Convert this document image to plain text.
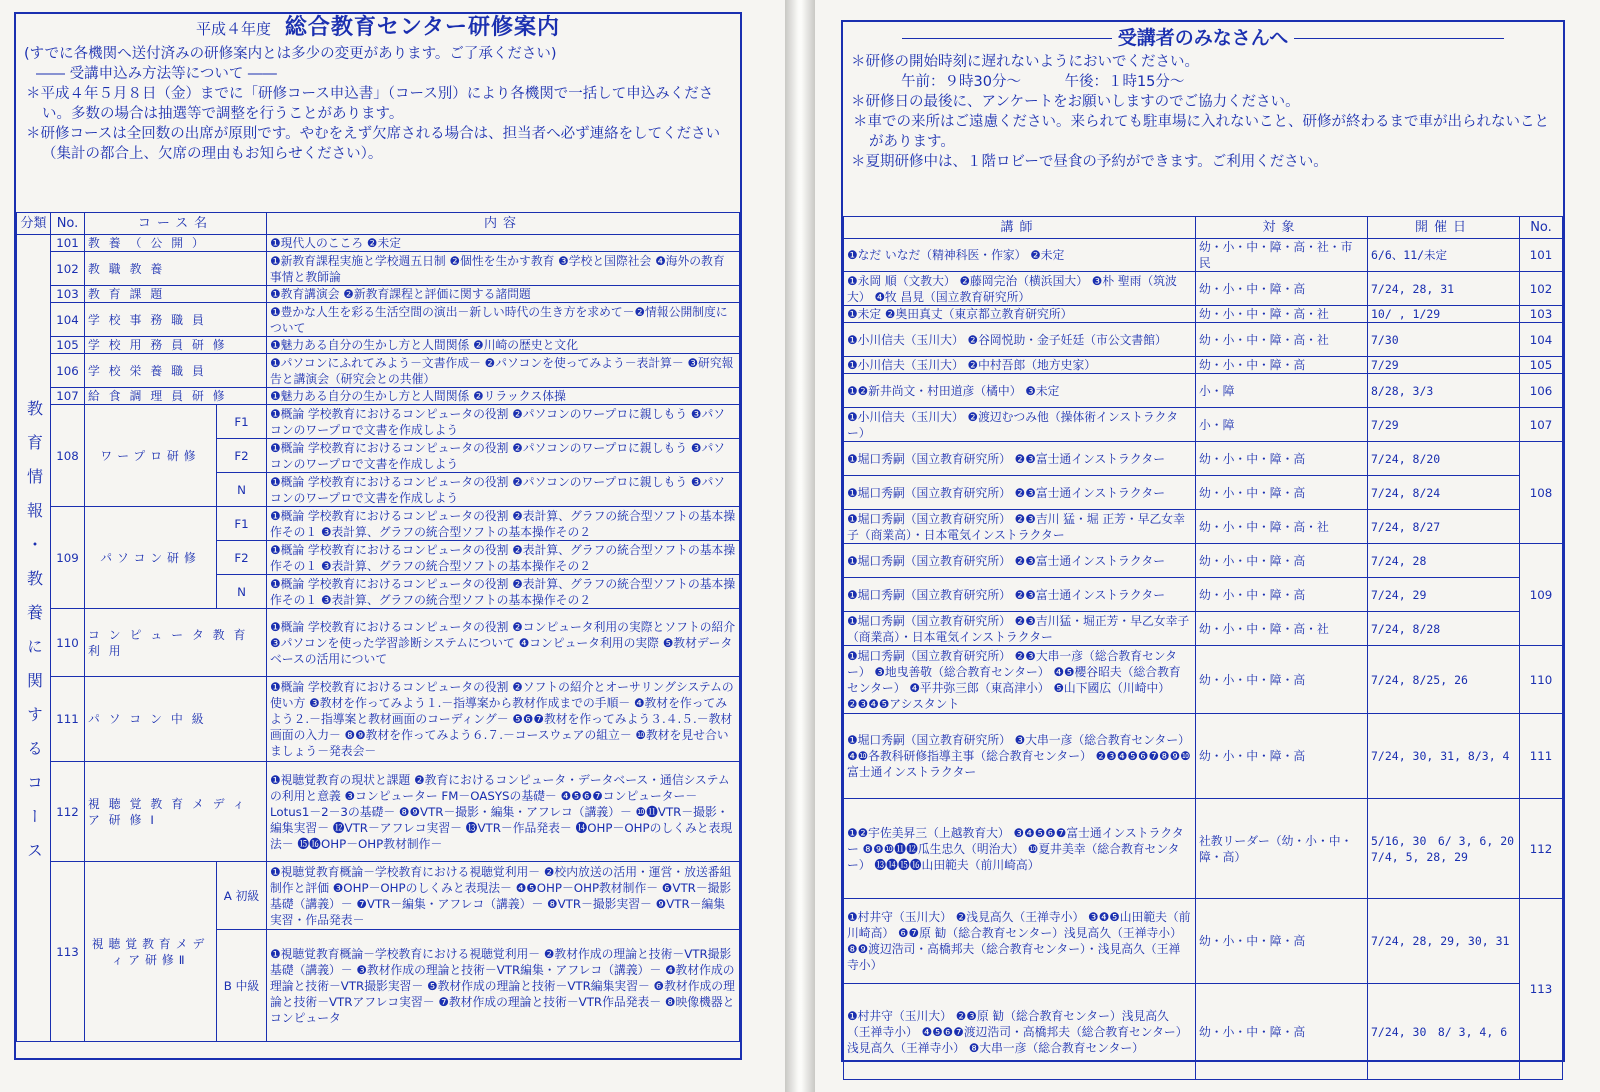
平成４年度 総合教育センター研修案内
(すでに各機関へ送付済みの研修案内とは多少の変更があります。ご了承ください)
―― 受講申込み方法等について ――
＊平成４年５月８日（金）までに「研修コース申込書」（コース別）により各機関で一括して申込みください。多数の場合は抽選等で調整を行うことがあります。
＊研修コースは全回数の出席が原則です。やむをえず欠席される場合は、担当者へ必ず連絡をしてください（集計の都合上、欠席の理由もお知らせください）。
分類	No.	コース名		内容
教育情報・教養に関するコース	101	教養（公開）		❶現代人のこころ ❷未定
	102	教職教養		❶新教育課程実施と学校週五日制 ❷個性を生かす教育 ❸学校と国際社会 ❹海外の教育事情と教師論
	103	教育課題		❶教育講演会 ❷新教育課程と評価に関する諸問題
	104	学校事務職員		❶豊かな人生を彩る生活空間の演出－新しい時代の生き方を求めて－❷情報公開制度について
	105	学校用務員研修		❶魅力ある自分の生かし方と人間関係 ❷川崎の歴史と文化
	106	学校栄養職員		❶パソコンにふれてみよう－文書作成－ ❷パソコンを使ってみよう－表計算－ ❸研究報告と講演会（研究会との共催）
	107	給食調理員研修		❶魅力ある自分の生かし方と人間関係 ❷リラックス体操
	108	ワープロ研修	F1	❶概論 学校教育におけるコンピュータの役割 ❷パソコンのワープロに親しもう ❸パソコンのワープロで文書を作成しよう
			F2	❶概論 学校教育におけるコンピュータの役割 ❷パソコンのワープロに親しもう ❸パソコンのワープロで文書を作成しよう
			N	❶概論 学校教育におけるコンピュータの役割 ❷パソコンのワープロに親しもう ❸パソコンのワープロで文書を作成しよう
	109	パソコン研修	F1	❶概論 学校教育におけるコンピュータの役割 ❷表計算、グラフの統合型ソフトの基本操作その１ ❸表計算、グラフの統合型ソフトの基本操作その２
			F2	❶概論 学校教育におけるコンピュータの役割 ❷表計算、グラフの統合型ソフトの基本操作その１ ❸表計算、グラフの統合型ソフトの基本操作その２
			N	❶概論 学校教育におけるコンピュータの役割 ❷表計算、グラフの統合型ソフトの基本操作その１ ❸表計算、グラフの統合型ソフトの基本操作その２
	110	コンピュータ教育利用		❶概論 学校教育におけるコンピュータの役割 ❷コンピュータ利用の実際とソフトの紹介 ❸パソコンを使った学習診断システムについて ❹コンピュータ利用の実際 ❺教材データベースの活用について
	111	パソコン中級		❶概論 学校教育におけるコンピュータの役割 ❷ソフトの紹介とオーサリングシステムの使い方 ❸教材を作ってみよう１.－指導案から教材作成までの手順－ ❹教材を作ってみよう２.－指導案と教材画面のコーディング－ ❺❻❼教材を作ってみよう３.４.５.－教材画面の入力－ ❽❾教材を作ってみよう６.７.－コースウェアの組立－ ❿教材を見せ合いましょう－発表会－
	112	視聴覚教育メディア研修Ⅰ		❶視聴覚教育の現状と課題 ❷教育におけるコンピュータ・データベース・通信システムの利用と意義 ❸コンピューター FM－OASYSの基礎－ ❹❺❻❼コンピューター－Lotus1－2－3の基礎－ ❽❾VTR－撮影・編集・アフレコ（講義）－ ❿⓫VTR－撮影・編集実習－ ⓬VTR－アフレコ実習－ ⓭VTR－作品発表－ ⓮OHP－OHPのしくみと表現法－ ⓯⓰OHP－OHP教材制作－
	113	視聴覚教育メディア研修Ⅱ	A 初級	❶視聴覚教育概論－学校教育における視聴覚利用－ ❷校内放送の活用・運営・放送番組制作と評価 ❸OHP－OHPのしくみと表現法－ ❹❺OHP－OHP教材制作－ ❻VTR－撮影基礎（講義）－ ❼VTR－編集・アフレコ（講義）－ ❽VTR－撮影実習－ ❾VTR－編集実習・作品発表－
			B 中級	❶視聴覚教育概論－学校教育における視聴覚利用－ ❷教材作成の理論と技術－VTR撮影基礎（講義）－ ❸教材作成の理論と技術－VTR編集・アフレコ（講義）－ ❹教材作成の理論と技術－VTR撮影実習－ ❺教材作成の理論と技術－VTR編集実習－ ❻教材作成の理論と技術－VTRアフレコ実習－ ❼教材作成の理論と技術－VTR作品発表－ ❽映像機器とコンピュータ
受講者のみなさんへ
＊研修の開始時刻に遅れないようにおいでください。
午前：９時30分～　　　午後：１時15分～
＊研修日の最後に、アンケートをお願いしますのでご協力ください。
＊車での来所はご遠慮ください。来られても駐車場に入れないこと、研修が終わるまで車が出られないことがあります。
＊夏期研修中は、１階ロビーで昼食の予約ができます。ご利用ください。
講師	対象	開催日	No.
❶なだ いなだ（精神科医・作家） ❷未定	幼・小・中・障・高・社・市民	6/6、11/未定	101
❶永岡 順（文教大） ❷藤岡完治（横浜国大） ❸朴 聖雨（筑波大） ❹牧 昌見（国立教育研究所）	幼・小・中・障・高	7/24, 28, 31	102
❶未定 ❷奥田真丈（東京都立教育研究所）	幼・小・中・障・高・社	10/ , 1/29	103
❶小川信夫（玉川大） ❷谷岡悦助・金子妊廷（市公文書館）	幼・小・中・障・高・社	7/30	104
❶小川信夫（玉川大） ❷中村吾郎（地方史家）	幼・小・中・障・高	7/29	105
❶❷新井尚文・村田道彦（橘中） ❸未定	小・障	8/28, 3/3	106
❶小川信夫（玉川大） ❷渡辺むつみ他（操体術インストラクター）	小・障	7/29	107
❶堀口秀嗣（国立教育研究所） ❷❸富士通インストラクター	幼・小・中・障・高	7/24, 8/20	108
❶堀口秀嗣（国立教育研究所） ❷❸富士通インストラクター	幼・小・中・障・高	7/24, 8/24	
❶堀口秀嗣（国立教育研究所） ❷❸吉川 猛・堀 正芳・早乙女幸子（商業高）・日本電気インストラクター	幼・小・中・障・高・社	7/24, 8/27	
❶堀口秀嗣（国立教育研究所） ❷❸富士通インストラクター	幼・小・中・障・高	7/24, 28	109
❶堀口秀嗣（国立教育研究所） ❷❸富士通インストラクター	幼・小・中・障・高	7/24, 29	
❶堀口秀嗣（国立教育研究所） ❷❸吉川猛・堀正芳・早乙女幸子（商業高）・日本電気インストラクター	幼・小・中・障・高・社	7/24, 8/28	
❶堀口秀嗣（国立教育研究所） ❷❸大串一彦（総合教育センター） ❸地曳善敬（総合教育センター） ❹❺櫻谷昭夫（総合教育センター） ❹平井弥三郎（東高津小） ❺山下國広（川崎中） ❷❸❹❺アシスタント	幼・小・中・障・高	7/24, 8/25, 26	110
❶堀口秀嗣（国立教育研究所） ❸大串一彦（総合教育センター） ❹❿各教科研修指導主事（総合教育センター） ❷❸❹❺❻❼❽❾❿富士通インストラクター	幼・小・中・障・高	7/24, 30, 31, 8/3, 4	111
❶❷宇佐美昇三（上越教育大） ❸❹❺❻❼富士通インストラクター ❽❾❿⓫⓬瓜生忠久（明治大） ❿夏井美幸（総合教育センター） ⓭⓮⓯⓰山田範夫（前川崎高）	社教リーダー（幼・小・中・障・高）	5/16, 30　6/ 3, 6, 20　7/4, 5, 28, 29	112
❶村井守（玉川大） ❷浅見高久（王禅寺小） ❸❹❺山田範夫（前川崎高） ❻❼原 勧（総合教育センター）浅見高久（王禅寺小） ❽❾渡辺浩司・高橋邦夫（総合教育センター）・浅見高久（王禅寺小）	幼・小・中・障・高	7/24, 28, 29, 30, 31	113
❶村井守（玉川大） ❷❸原 勧（総合教育センター）浅見高久（王禅寺小） ❹❺❻❼渡辺浩司・高橋邦夫（総合教育センター）浅見高久（王禅寺小） ❽大串一彦（総合教育センター）	幼・小・中・障・高	7/24, 30　8/ 3, 4, 6	
